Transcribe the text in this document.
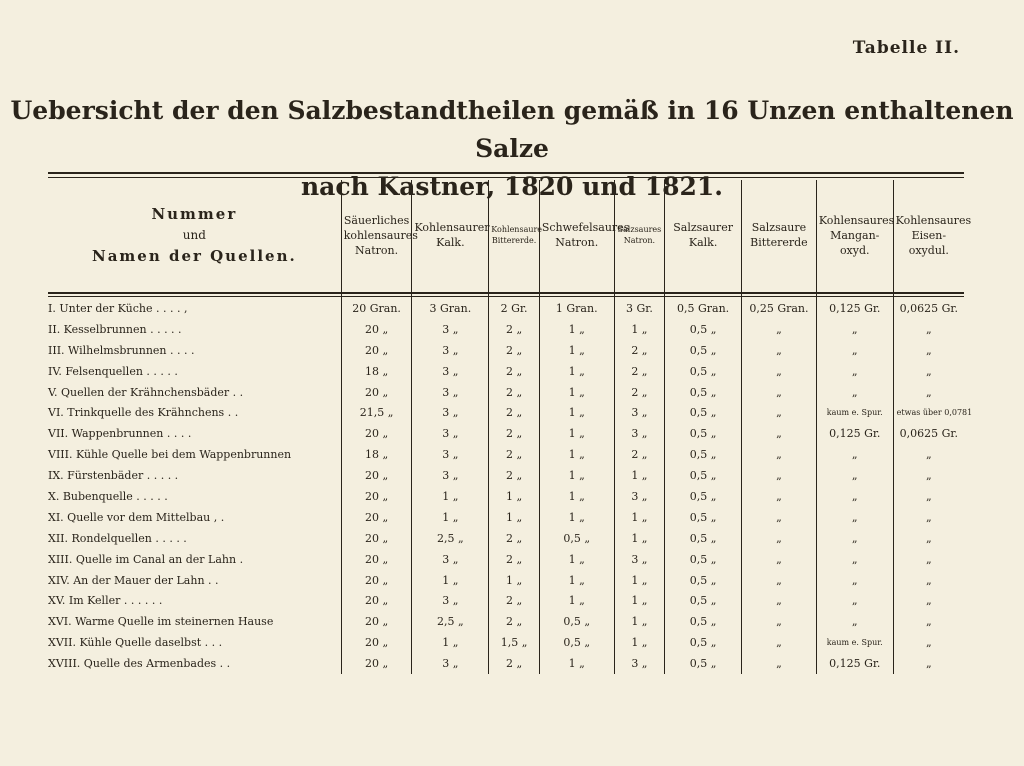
Tabelle II.
Uebersicht der den Salzbestandtheilen gemäß in 16 Unzen enthaltenen Salze
nach Kastner, 1820 und 1821.
Nummer
und
Namen der Quellen.	Säuerliches kohlensaures Natron.	Kohlensaurer Kalk.	Kohlensaure Bittererde.	Schwefelsaures Natron.	Salzsaures Natron.	Salzsaurer Kalk.	Salzsaure Bittererde	Kohlensaures Mangan-oxyd.	Kohlensaures Eisen-oxydul.
I. Unter der Küche . . . . ,	20 Gran.	3 Gran.	2 Gr.	1 Gran.	3 Gr.	0,5 Gran.	0,25 Gran.	0,125 Gr.	0,0625 Gr.
II. Kesselbrunnen . . . . .	20 „	3 „	2 „	1 „	1 „	0,5 „	„	„	„
III. Wilhelmsbrunnen . . . .	20 „	3 „	2 „	1 „	2 „	0,5 „	„	„	„
IV. Felsenquellen . . . . .	18 „	3 „	2 „	1 „	2 „	0,5 „	„	„	„
V. Quellen der Krähnchensbäder . .	20 „	3 „	2 „	1 „	2 „	0,5 „	„	„	„
VI. Trinkquelle des Krähnchens . .	21,5 „	3 „	2 „	1 „	3 „	0,5 „	„	kaum e. Spur.	etwas über 0,0781
VII. Wappenbrunnen . . . .	20 „	3 „	2 „	1 „	3 „	0,5 „	„	0,125 Gr.	0,0625 Gr.
VIII. Kühle Quelle bei dem Wappenbrunnen	18 „	3 „	2 „	1 „	2 „	0,5 „	„	„	„
IX. Fürstenbäder . . . . .	20 „	3 „	2 „	1 „	1 „	0,5 „	„	„	„
X. Bubenquelle . . . . .	20 „	1 „	1 „	1 „	3 „	0,5 „	„	„	„
XI. Quelle vor dem Mittelbau , .	20 „	1 „	1 „	1 „	1 „	0,5 „	„	„	„
XII. Rondelquellen . . . . .	20 „	2,5 „	2 „	0,5 „	1 „	0,5 „	„	„	„
XIII. Quelle im Canal an der Lahn .	20 „	3 „	2 „	1 „	3 „	0,5 „	„	„	„
XIV. An der Mauer der Lahn . .	20 „	1 „	1 „	1 „	1 „	0,5 „	„	„	„
XV. Im Keller . . . . . .	20 „	3 „	2 „	1 „	1 „	0,5 „	„	„	„
XVI. Warme Quelle im steinernen Hause	20 „	2,5 „	2 „	0,5 „	1 „	0,5 „	„	„	„
XVII. Kühle Quelle daselbst . . .	20 „	1 „	1,5 „	0,5 „	1 „	0,5 „	„	kaum e. Spur.	„
XVIII. Quelle des Armenbades . .	20 „	3 „	2 „	1 „	3 „	0,5 „	„	0,125 Gr.	„
